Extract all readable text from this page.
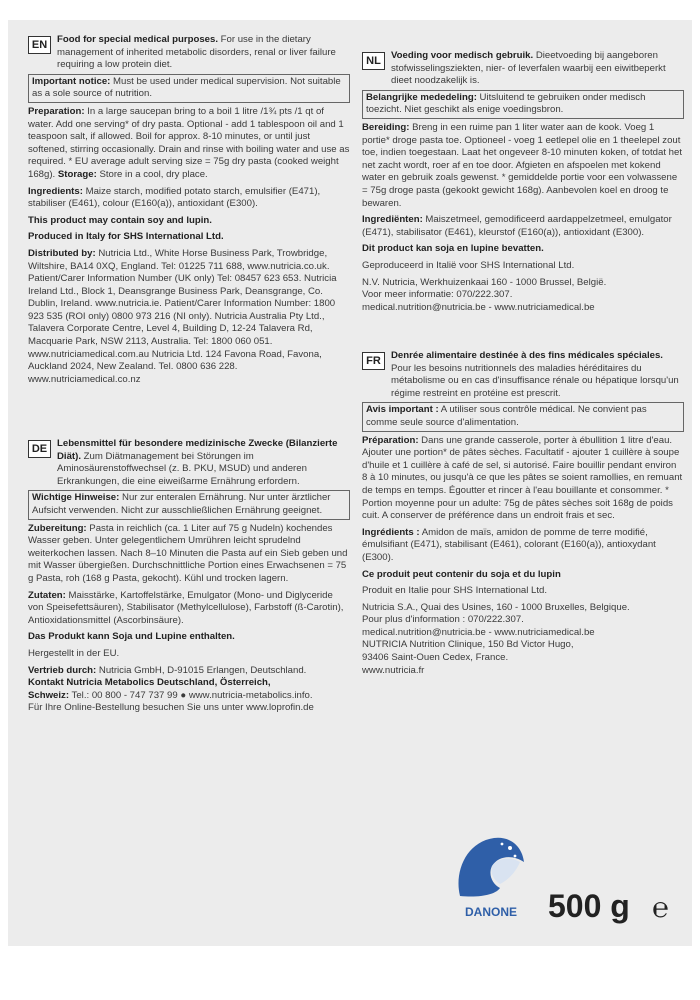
EN	Food for special medical purposes. For use in the dietary management of inherited metabolic disorders, renal or liver failure requiring a low protein diet.
Important notice: Must be used under medical supervision. Not suitable as a sole source of nutrition.

Preparation: In a large saucepan bring to a boil 1 litre /1¾ pts /1 qt of water. Add one serving* of dry pasta. Optional - add 1 tablespoon oil and 1 teaspoon salt, if allowed. Boil for approx. 8-10 minutes, or until just softened, stirring occasionally. Drain and rinse with boiling water and use as required. * EU average adult serving size = 75g dry pasta (cooked weight 168g). Storage: Store in a cool, dry place.

Ingredients: Maize starch, modified potato starch, emulsifier (E471), stabiliser (E461), colour (E160(a)), antioxidant (E300).

This product may contain soy and lupin.

Produced in Italy for SHS International Ltd.

Distributed by: Nutricia Ltd., White Horse Business Park, Trowbridge, Wiltshire, BA14 0XQ, England. Tel: 01225 711 688, www.nutricia.co.uk. Patient/Carer Information Number (UK only) Tel: 08457 623 653. Nutricia Ireland Ltd., Block 1, Deansgrange Business Park, Deansgrange, Co. Dublin, Ireland. www.nutricia.ie. Patient/Carer Information Number: 1800 923 535 (ROI only) 0800 973 216 (NI only). Nutricia Australia Pty Ltd., Talavera Corporate Centre, Level 4, Building D, 12-24 Talavera Rd, Macquarie Park, NSW 2113, Australia. Tel: 1800 060 051. www.nutriciamedical.com.au Nutricia Ltd. 124 Favona Road, Favona, Auckland 2024, New Zealand. Tel. 0800 636 228. www.nutriciamedical.co.nz

DE	Lebensmittel für besondere medizinische Zwecke (Bilanzierte Diät). Zum Diätmanagement bei Störungen im Aminosäurenstoffwechsel (z. B. PKU, MSUD) und anderen Erkrankungen, die eine eiweißarme Ernährung erfordern.
Wichtige Hinweise: Nur zur enteralen Ernährung. Nur unter ärztlicher Aufsicht verwenden. Nicht zur ausschließlichen Ernährung geeignet.

Zubereitung: Pasta in reichlich (ca. 1 Liter auf 75 g Nudeln) kochendes Wasser geben. Unter gelegentlichem Umrühren leicht sprudelnd weiterkochen lassen. Nach 8–10 Minuten die Pasta auf ein Sieb geben und mit Wasser übergießen. Durchschnittliche Portion eines Erwachsenen = 75 g Pasta, roh (168 g Pasta, gekocht). Kühl und trocken lagern.

Zutaten: Maisstärke, Kartoffelstärke, Emulgator (Mono- und Diglyceride von Speisefettsäuren), Stabilisator (Methylcellulose), Farbstoff (ß-Carotin), Antioxidationsmittel (Ascorbinsäure).

Das Produkt kann Soja und Lupine enthalten.

Hergestellt in der EU.

Vertrieb durch: Nutricia GmbH, D-91015 Erlangen, Deutschland.
Kontakt Nutricia Metabolics Deutschland, Österreich,
Schweiz: Tel.: 00 800 - 747 737 99 ● www.nutricia-metabolics.info.
Für Ihre Online-Bestellung besuchen Sie uns unter www.loprofin.de

NL	Voeding voor medisch gebruik. Dieetvoeding bij aangeboren stofwisselingsziekten, nier- of leverfalen waarbij een eiwitbeperkt dieet noodzakelijk is.
Belangrijke mededeling: Uitsluitend te gebruiken onder medisch toezicht. Niet geschikt als enige voedingsbron.

Bereiding: Breng in een ruime pan 1 liter water aan de kook. Voeg 1 portie* droge pasta toe. Optioneel - voeg 1 eetlepel olie en 1 theelepel zout toe, indien toegestaan. Laat het ongeveer 8-10 minuten koken, of totdat het net zacht wordt, roer af en toe door. Afgieten en afspoelen met kokend water en gebruik zoals gewenst. * gemiddelde portie voor een volwassene = 75g droge pasta (gekookt gewicht 168g). Aanbevolen koel en droog te bewaren.

Ingrediënten: Maiszetmeel, gemodificeerd aardappelzetmeel, emulgator (E471), stabilisator (E461), kleurstof (E160(a)), antioxidant (E300).

Dit product kan soja en lupine bevatten.

Geproduceerd in Italië voor SHS International Ltd.

N.V. Nutricia, Werkhuizenkaai 160 - 1000 Brussel, België.
Voor meer informatie: 070/222.307.
medical.nutrition@nutricia.be - www.nutriciamedical.be

FR	Denrée alimentaire destinée à des fins médicales spéciales. Pour les besoins nutritionnels des maladies héréditaires du métabolisme ou en cas d'insuffisance rénale ou hépatique lorsqu'un régime restreint en protéine est prescrit.
Avis important : A utiliser sous contrôle médical. Ne convient pas comme seule source d'alimentation.

Préparation: Dans une grande casserole, porter à ébullition 1 litre d'eau. Ajouter une portion* de pâtes sèches. Facultatif - ajouter 1 cuillère à soupe d'huile et 1 cuillère à café de sel, si autorisé. Faire bouillir pendant environ 8 à 10 minutes, ou jusqu'à ce que les pâtes se soient ramollies, en remuant de temps en temps. Égoutter et rincer à l'eau bouillante et consommer. * Portion moyenne pour un adulte: 75g de pâtes sèches soit 168g de poids cuit. A conserver de préférence dans un endroit frais et sec.

Ingrédients : Amidon de maïs, amidon de pomme de terre modifié, émulsifiant (E471), stabilisant (E461), colorant (E160(a)), antioxydant (E300).

Ce produit peut contenir du soja et du lupin

Produit en Italie pour SHS International Ltd.

Nutricia S.A., Quai des Usines, 160 - 1000 Bruxelles, Belgique.
Pour plus d'information : 070/222.307.
medical.nutrition@nutricia.be - www.nutriciamedical.be
NUTRICIA Nutrition Clinique, 150 Bd Victor Hugo,
93406 Saint-Ouen Cedex, France.
www.nutricia.fr

DANONE 500 g ℮
